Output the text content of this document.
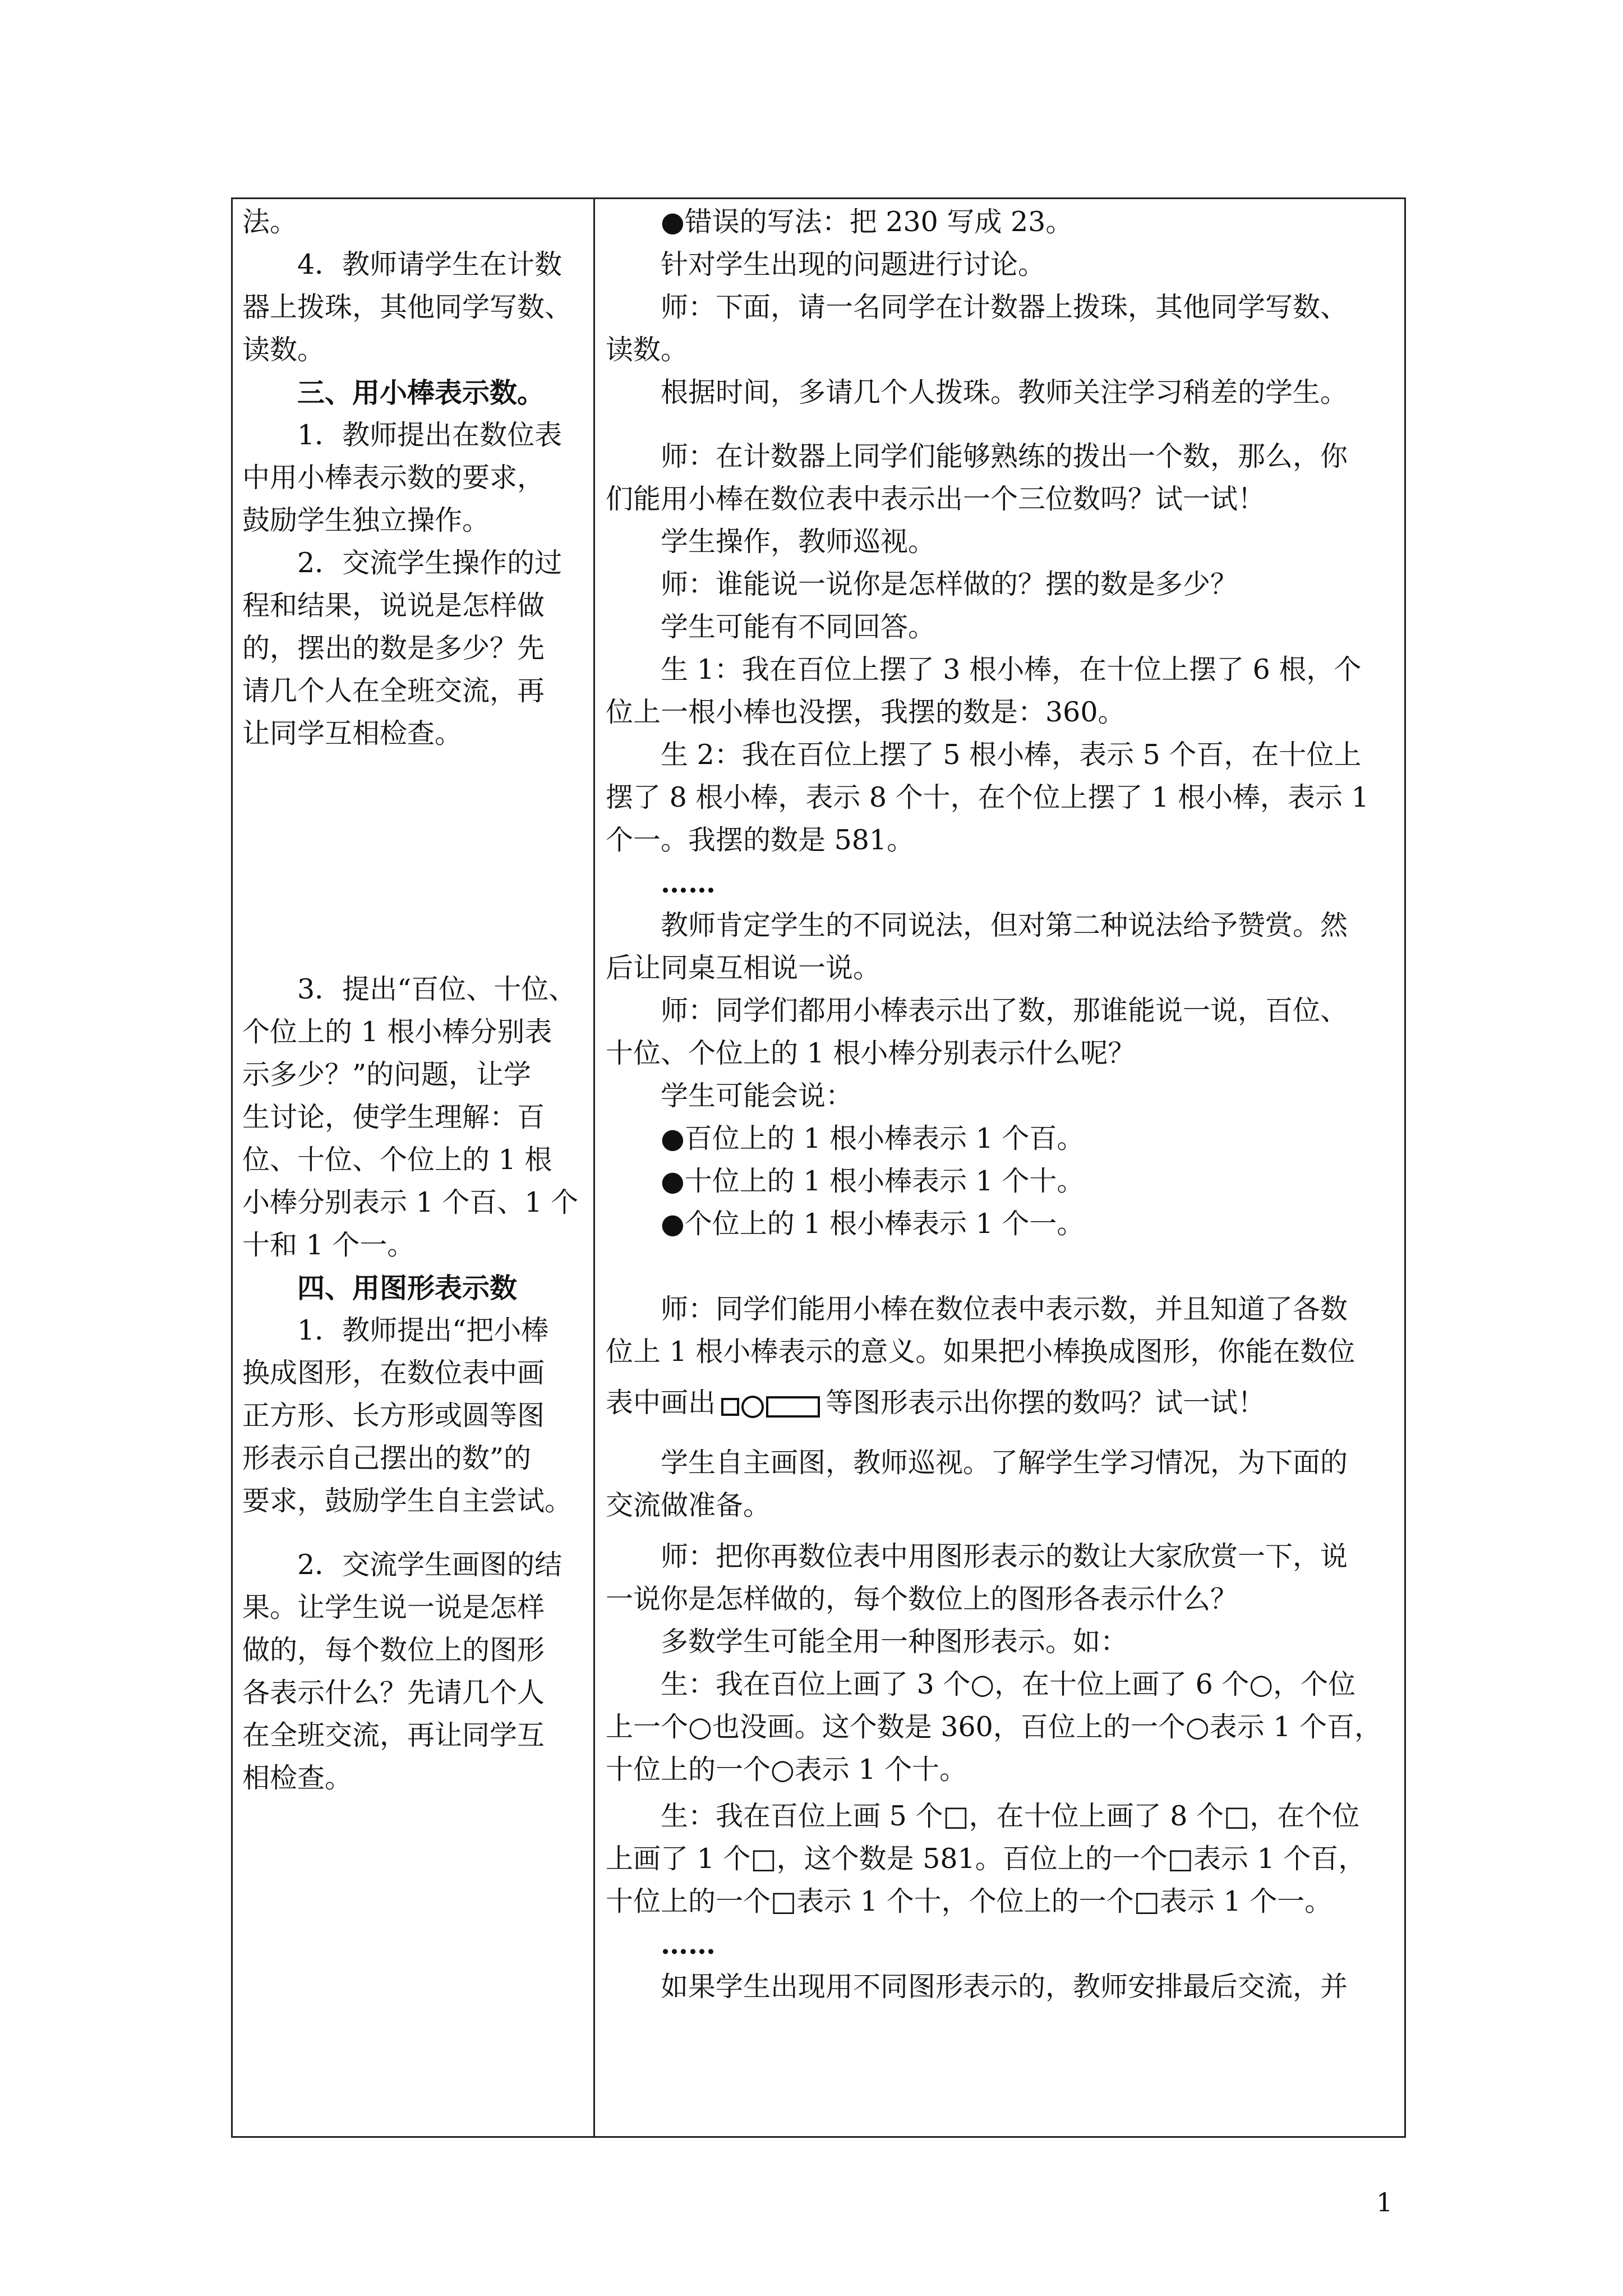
法。
4．教师请学生在计数
器上拨珠，其他同学写数、
读数。
三、用小棒表示数。
1．教师提出在数位表
中用小棒表示数的要求，
鼓励学生独立操作。
2．交流学生操作的过
程和结果，说说是怎样做
的，摆出的数是多少？先
请几个人在全班交流，再
让同学互相检查。
3．提出“百位、十位、
个位上的 1 根小棒分别表
示多少？”的问题，让学
生讨论，使学生理解：百
位、十位、个位上的 1 根
小棒分别表示 1 个百、1 个
十和 1 个一。
四、用图形表示数
1．教师提出“把小棒
换成图形，在数位表中画
正方形、长方形或圆等图
形表示自己摆出的数”的
要求，鼓励学生自主尝试。
2．交流学生画图的结
果。让学生说一说是怎样
做的，每个数位上的图形
各表示什么？先请几个人
在全班交流，再让同学互
相检查。
●错误的写法：把 230 写成 23。
针对学生出现的问题进行讨论。
师：下面，请一名同学在计数器上拨珠，其他同学写数、
读数。
根据时间，多请几个人拨珠。教师关注学习稍差的学生。
师：在计数器上同学们能够熟练的拨出一个数，那么，你
们能用小棒在数位表中表示出一个三位数吗？试一试！
学生操作，教师巡视。
师：谁能说一说你是怎样做的？摆的数是多少？
学生可能有不同回答。
生 1：我在百位上摆了 3 根小棒，在十位上摆了 6 根，个
位上一根小棒也没摆，我摆的数是：360。
生 2：我在百位上摆了 5 根小棒，表示 5 个百，在十位上
摆了 8 根小棒，表示 8 个十，在个位上摆了 1 根小棒，表示 1
个一。我摆的数是 581。
……
教师肯定学生的不同说法，但对第二种说法给予赞赏。然
后让同桌互相说一说。
师：同学们都用小棒表示出了数，那谁能说一说，百位、
十位、个位上的 1 根小棒分别表示什么呢？
学生可能会说：
●百位上的 1 根小棒表示 1 个百。
●十位上的 1 根小棒表示 1 个十。
●个位上的 1 根小棒表示 1 个一。
师：同学们能用小棒在数位表中表示数，并且知道了各数
位上 1 根小棒表示的意义。如果把小棒换成图形，你能在数位
表中画出	等图形表示出你摆的数吗？试一试！
学生自主画图，教师巡视。了解学生学习情况，为下面的
交流做准备。
师：把你再数位表中用图形表示的数让大家欣赏一下，说
一说你是怎样做的，每个数位上的图形各表示什么？
多数学生可能全用一种图形表示。如：
生：我在百位上画了 3 个○，在十位上画了 6 个○，个位
上一个○也没画。这个数是 360，百位上的一个○表示 1 个百，
十位上的一个○表示 1 个十。
生：我在百位上画 5 个□，在十位上画了 8 个□，在个位
上画了 1 个□，这个数是 581。百位上的一个□表示 1 个百，
十位上的一个□表示 1 个十，个位上的一个□表示 1 个一。
……
如果学生出现用不同图形表示的，教师安排最后交流，并
1
